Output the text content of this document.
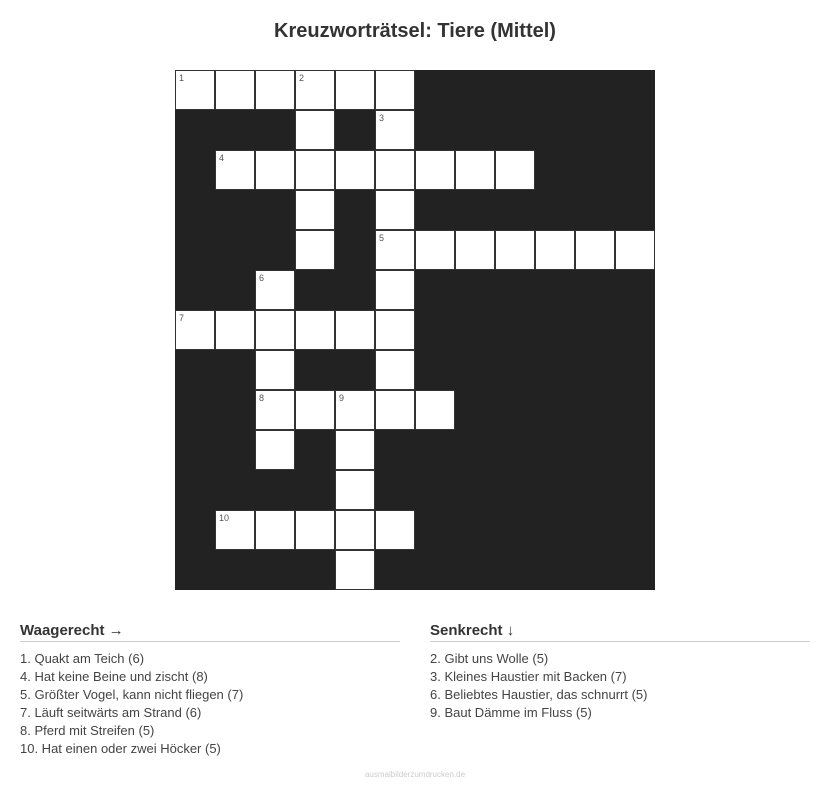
Kreuzworträtsel: Tiere (Mittel)
1	2
3
4
5
6
7
8	9
10
Waagerecht →
1. Quakt am Teich (6)
4. Hat keine Beine und zischt (8)
5. Größter Vogel, kann nicht fliegen (7)
7. Läuft seitwärts am Strand (6)
8. Pferd mit Streifen (5)
10. Hat einen oder zwei Höcker (5)
Senkrecht ↓
2. Gibt uns Wolle (5)
3. Kleines Haustier mit Backen (7)
6. Beliebtes Haustier, das schnurrt (5)
9. Baut Dämme im Fluss (5)
ausmalbilderzumdrucken.de
